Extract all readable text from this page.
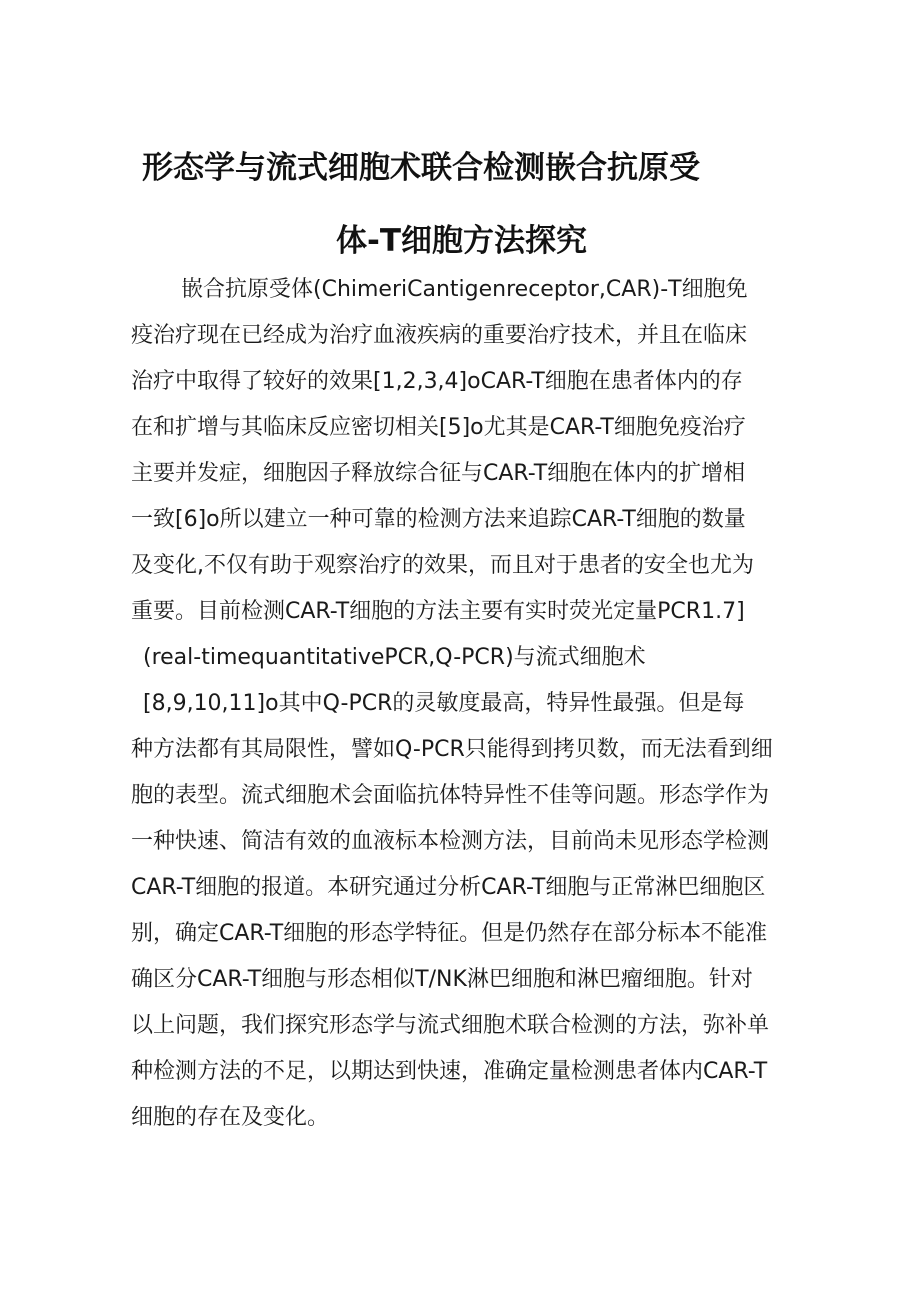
形态学与流式细胞术联合检测嵌合抗原受
体-T细胞方法探究
嵌合抗原受体(ChimeriCantigenreceptor,CAR)-T细胞免
疫治疗现在已经成为治疗血液疾病的重要治疗技术，并且在临床
治疗中取得了较好的效果[1,2,3,4]oCAR-T细胞在患者体内的存
在和扩增与其临床反应密切相关[5]o尤其是CAR-T细胞免疫治疗
主要并发症，细胞因子释放综合征与CAR-T细胞在体内的扩增相
一致[6]o所以建立一种可靠的检测方法来追踪CAR-T细胞的数量
及变化,不仅有助于观察治疗的效果，而且对于患者的安全也尤为
重要。目前检测CAR-T细胞的方法主要有实时荧光定量PCR1.7]
(real-timequantitativePCR,Q-PCR)与流式细胞术
[8,9,10,11]o其中Q-PCR的灵敏度最高，特异性最强。但是每
种方法都有其局限性，譬如Q-PCR只能得到拷贝数，而无法看到细
胞的表型。流式细胞术会面临抗体特异性不佳等问题。形态学作为
一种快速、简洁有效的血液标本检测方法，目前尚未见形态学检测
CAR-T细胞的报道。本研究通过分析CAR-T细胞与正常淋巴细胞区
别，确定CAR-T细胞的形态学特征。但是仍然存在部分标本不能准
确区分CAR-T细胞与形态相似T/NK淋巴细胞和淋巴瘤细胞。针对
以上问题，我们探究形态学与流式细胞术联合检测的方法，弥补单
种检测方法的不足，以期达到快速，准确定量检测患者体内CAR-T
细胞的存在及变化。
